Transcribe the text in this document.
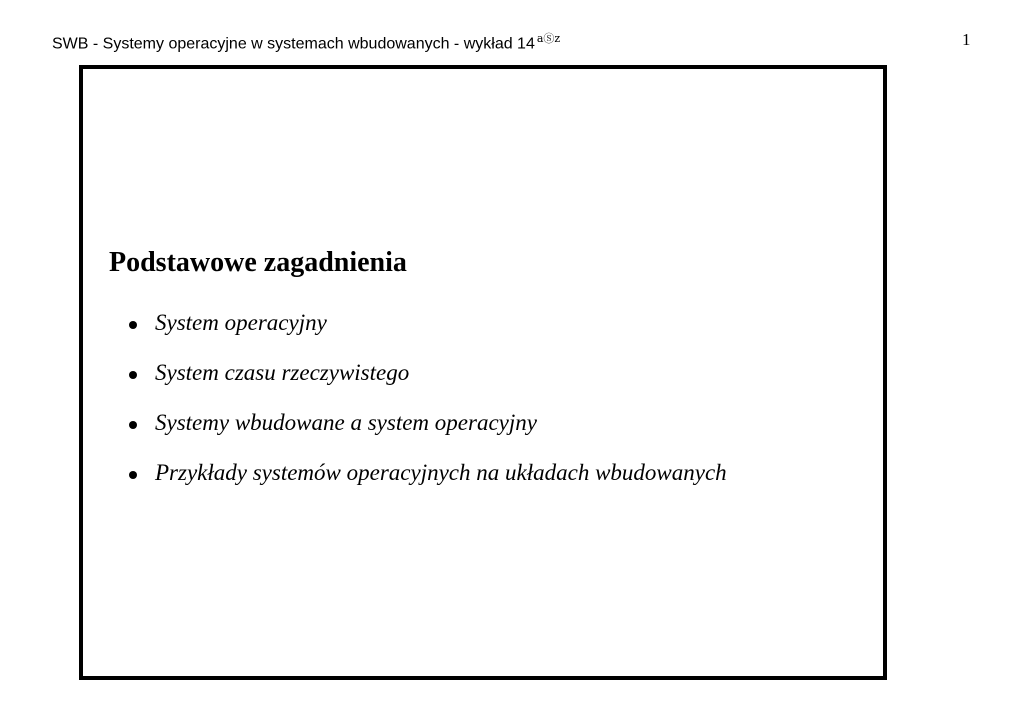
SWB - Systemy operacyjne w systemach wbudowanych - wykład 14 $^{aⓈz}$	1
Podstawowe zagadnienia
System operacyjny
System czasu rzeczywistego
Systemy wbudowane a system operacyjny
Przykłady systemów operacyjnych na układach wbudowanych
